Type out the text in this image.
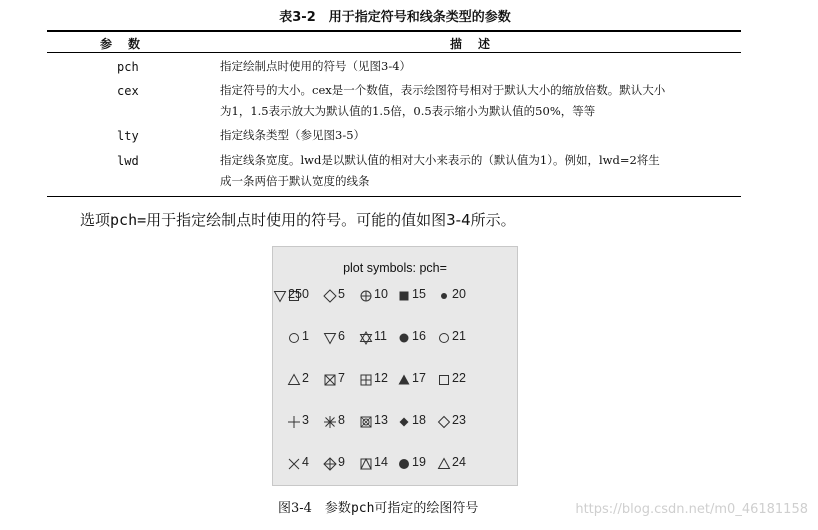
表3-2　用于指定符号和线条类型的参数
参数	描述
pch	指定绘制点时使用的符号（见图3-4）
cex	指定符号的大小。cex是一个数值，表示绘图符号相对于默认大小的缩放倍数。默认大小
为1，1.5表示放大为默认值的1.5倍，0.5表示缩小为默认值的50%，等等
lty	指定线条类型（参见图3-5）
lwd	指定线条宽度。lwd是以默认值的相对大小来表示的（默认值为1）。例如，lwd=2将生
成一条两倍于默认宽度的线条
选项pch=用于指定绘制点时使用的符号。可能的值如图3-4所示。
plot symbols: pch=
0
1
2
3
4
5
6
7
8
9
10
11
12
13
14
15
16
17
18
19
20
21
22
23
24
25
图3-4　参数pch可指定的绘图符号	https://blog.csdn.net/m0_46181158
